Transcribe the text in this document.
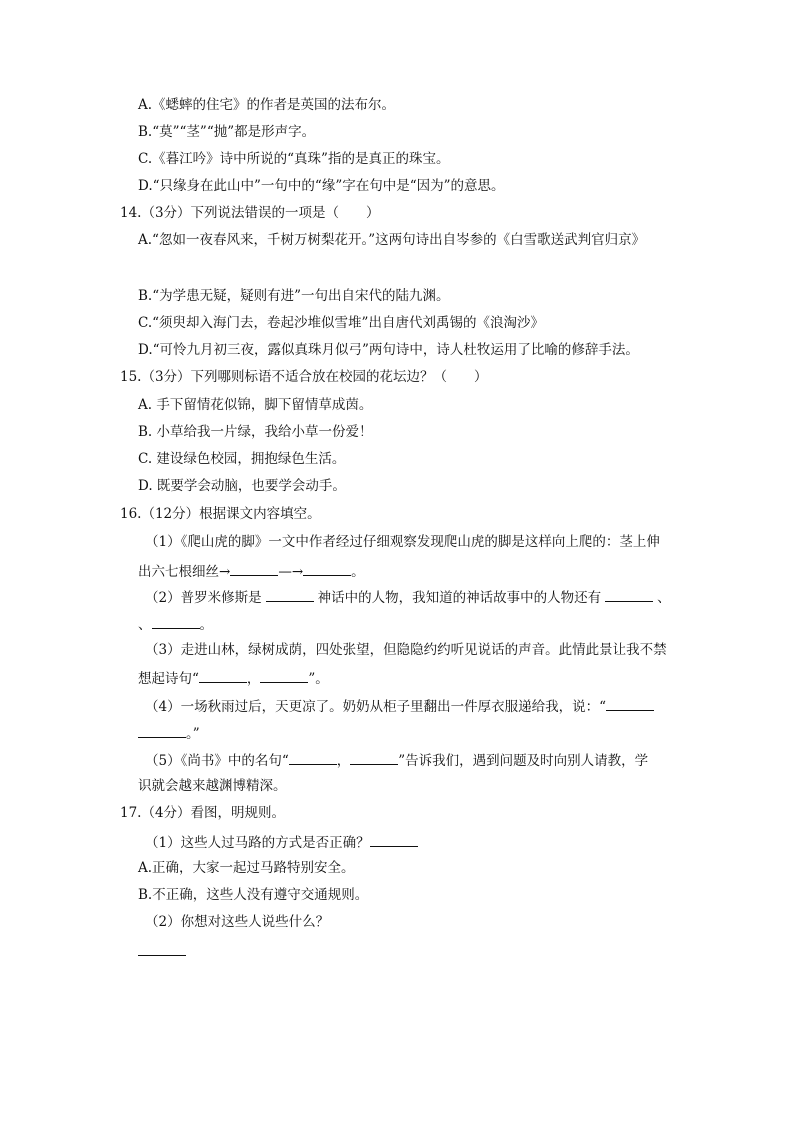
A.《蟋蟀的住宅》的作者是英国的法布尔。
B.“莫”“茎”“抛”都是形声字。
C.《暮江吟》诗中所说的“真珠”指的是真正的珠宝。
D.“只缘身在此山中”一句中的“缘”字在句中是“因为”的意思。
14.（3分）下列说法错误的一项是（　　）
A.“忽如一夜春风来，千树万树梨花开。”这两句诗出自岑参的《白雪歌送武判官归京》
B.“为学患无疑，疑则有进”一句出自宋代的陆九渊。
C.“须臾却入海门去，卷起沙堆似雪堆”出自唐代刘禹锡的《浪淘沙》
D.“可怜九月初三夜，露似真珠月似弓”两句诗中，诗人杜牧运用了比喻的修辞手法。
15.（3分）下列哪则标语不适合放在校园的花坛边？（　　）
A. 手下留情花似锦，脚下留情草成茵。
B. 小草给我一片绿，我给小草一份爱！
C. 建设绿色校园，拥抱绿色生活。
D. 既要学会动脑，也要学会动手。
16.（12分）根据课文内容填空。
（1）《爬山虎的脚》一文中作者经过仔细观察发现爬山虎的脚是这样向上爬的：茎上伸
出六七根细丝→	—→	。
（2）普罗米修斯是	神话中的人物，我知道的神话故事中的人物还有	、
、	。
（3）走进山林，绿树成荫，四处张望，但隐隐约约听见说话的声音。此情此景让我不禁
想起诗句“	，	”。
（4）一场秋雨过后，天更凉了。奶奶从柜子里翻出一件厚衣服递给我，说：“
。”
（5）《尚书》中的名句“	，	”告诉我们，遇到问题及时向别人请教，学
识就会越来越渊博精深。
17.（4分）看图，明规则。
（1）这些人过马路的方式是否正确？
A.正确，大家一起过马路特别安全。
B.不正确，这些人没有遵守交通规则。
（2）你想对这些人说些什么？
